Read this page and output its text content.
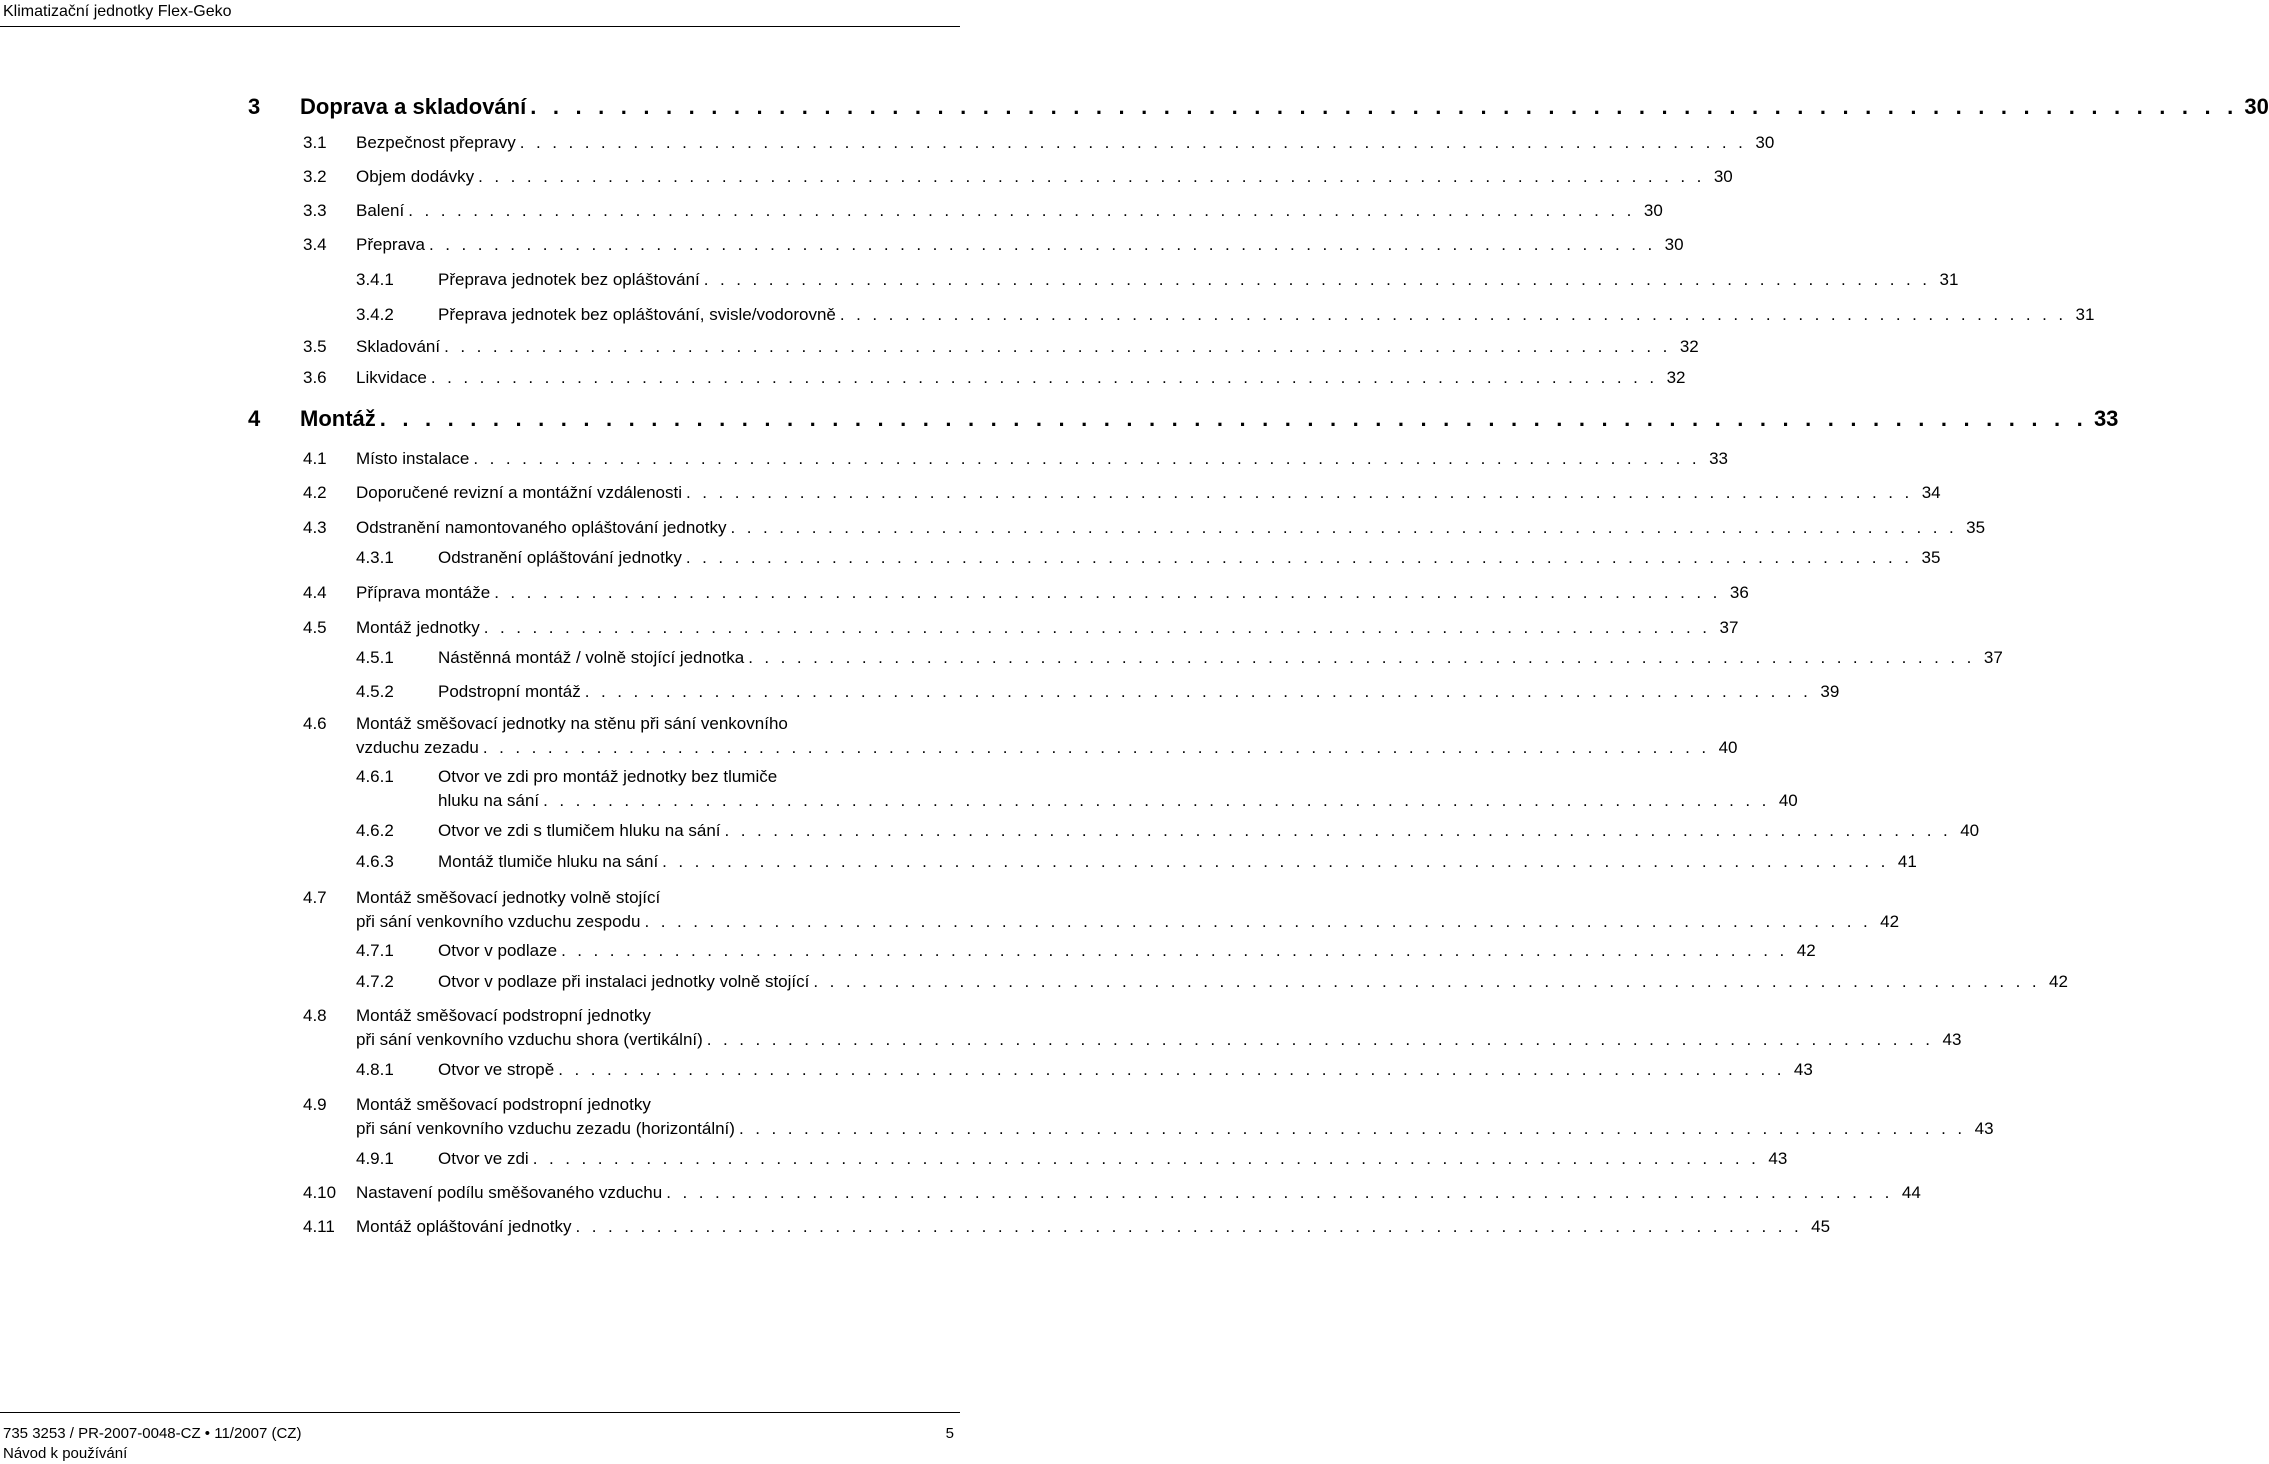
Klimatizační jednotky Flex-Geko
3 Doprava a skladování . . . . . . . . . . . . . . . . . . . . . . . . . . . . . . . . . . . . . . . . . . . . . . . . . . . . . . . . . . . . . . . . . . . . . . . . . . . . 30
3.1 Bezpečnost přepravy . . . . . . . . . . . . . . . . . . . . . . . . . . . . . . . . . . . . . . . . . . . . . . . . . . . . . . . . . . . . . . . . . . . . . . . . . . . . 30
3.2 Objem dodávky . . . . . . . . . . . . . . . . . . . . . . . . . . . . . . . . . . . . . . . . . . . . . . . . . . . . . . . . . . . . . . . . . . . . . . . . . . . . 30
3.3 Balení . . . . . . . . . . . . . . . . . . . . . . . . . . . . . . . . . . . . . . . . . . . . . . . . . . . . . . . . . . . . . . . . . . . . . . . . . . . . 30
3.4 Přeprava . . . . . . . . . . . . . . . . . . . . . . . . . . . . . . . . . . . . . . . . . . . . . . . . . . . . . . . . . . . . . . . . . . . . . . . . . . . . 30
3.4.1	Přeprava jednotek bez opláštování . . . . . . . . . . . . . . . . . . . . . . . . . . . . . . . . . . . . . . . . . . . . . . . . . . . . . . . . . . . . . . . . . . . . . . . . . . . . 31
3.4.2	Přeprava jednotek bez opláštování, svisle/vodorovně . . . . . . . . . . . . . . . . . . . . . . . . . . . . . . . . . . . . . . . . . . . . . . . . . . . . . . . . . . . . . . . . . . . . . . . . . . . . 31
3.5 Skladování . . . . . . . . . . . . . . . . . . . . . . . . . . . . . . . . . . . . . . . . . . . . . . . . . . . . . . . . . . . . . . . . . . . . . . . . . . . . 32
3.6 Likvidace . . . . . . . . . . . . . . . . . . . . . . . . . . . . . . . . . . . . . . . . . . . . . . . . . . . . . . . . . . . . . . . . . . . . . . . . . . . . 32
4 Montáž . . . . . . . . . . . . . . . . . . . . . . . . . . . . . . . . . . . . . . . . . . . . . . . . . . . . . . . . . . . . . . . . . . . . . . . . . . . . 33
4.1 Místo instalace . . . . . . . . . . . . . . . . . . . . . . . . . . . . . . . . . . . . . . . . . . . . . . . . . . . . . . . . . . . . . . . . . . . . . . . . . . . . 33
4.2 Doporučené revizní a montážní vzdálenosti . . . . . . . . . . . . . . . . . . . . . . . . . . . . . . . . . . . . . . . . . . . . . . . . . . . . . . . . . . . . . . . . . . . . . . . . . . . . 34
4.3 Odstranění namontovaného opláštování jednotky . . . . . . . . . . . . . . . . . . . . . . . . . . . . . . . . . . . . . . . . . . . . . . . . . . . . . . . . . . . . . . . . . . . . . . . . . . . . 35
4.3.1	Odstranění opláštování jednotky . . . . . . . . . . . . . . . . . . . . . . . . . . . . . . . . . . . . . . . . . . . . . . . . . . . . . . . . . . . . . . . . . . . . . . . . . . . . 35
4.4 Příprava montáže . . . . . . . . . . . . . . . . . . . . . . . . . . . . . . . . . . . . . . . . . . . . . . . . . . . . . . . . . . . . . . . . . . . . . . . . . . . . 36
4.5 Montáž jednotky . . . . . . . . . . . . . . . . . . . . . . . . . . . . . . . . . . . . . . . . . . . . . . . . . . . . . . . . . . . . . . . . . . . . . . . . . . . . 37
4.5.1	Nástěnná montáž / volně stojící jednotka . . . . . . . . . . . . . . . . . . . . . . . . . . . . . . . . . . . . . . . . . . . . . . . . . . . . . . . . . . . . . . . . . . . . . . . . . . . . 37
4.5.2	Podstropní montáž . . . . . . . . . . . . . . . . . . . . . . . . . . . . . . . . . . . . . . . . . . . . . . . . . . . . . . . . . . . . . . . . . . . . . . . . . . . . 39
4.6 Montáž směšovací jednotky na stěnu při sání venkovního
vzduchu zezadu . . . . . . . . . . . . . . . . . . . . . . . . . . . . . . . . . . . . . . . . . . . . . . . . . . . . . . . . . . . . . . . . . . . . . . . . . . . . 40
4.6.1	Otvor ve zdi pro montáž jednotky bez tlumiče
hluku na sání . . . . . . . . . . . . . . . . . . . . . . . . . . . . . . . . . . . . . . . . . . . . . . . . . . . . . . . . . . . . . . . . . . . . . . . . . . . . 40
4.6.2	Otvor ve zdi s tlumičem hluku na sání . . . . . . . . . . . . . . . . . . . . . . . . . . . . . . . . . . . . . . . . . . . . . . . . . . . . . . . . . . . . . . . . . . . . . . . . . . . . 40
4.6.3	Montáž tlumiče hluku na sání . . . . . . . . . . . . . . . . . . . . . . . . . . . . . . . . . . . . . . . . . . . . . . . . . . . . . . . . . . . . . . . . . . . . . . . . . . . . 41
4.7 Montáž směšovací jednotky volně stojící
při sání venkovního vzduchu zespodu . . . . . . . . . . . . . . . . . . . . . . . . . . . . . . . . . . . . . . . . . . . . . . . . . . . . . . . . . . . . . . . . . . . . . . . . . . . . 42
4.7.1	Otvor v podlaze . . . . . . . . . . . . . . . . . . . . . . . . . . . . . . . . . . . . . . . . . . . . . . . . . . . . . . . . . . . . . . . . . . . . . . . . . . . . 42
4.7.2	Otvor v podlaze při instalaci jednotky volně stojící . . . . . . . . . . . . . . . . . . . . . . . . . . . . . . . . . . . . . . . . . . . . . . . . . . . . . . . . . . . . . . . . . . . . . . . . . . . . 42
4.8 Montáž směšovací podstropní jednotky
při sání venkovního vzduchu shora (vertikální) . . . . . . . . . . . . . . . . . . . . . . . . . . . . . . . . . . . . . . . . . . . . . . . . . . . . . . . . . . . . . . . . . . . . . . . . . . . . 43
4.8.1	Otvor ve stropě . . . . . . . . . . . . . . . . . . . . . . . . . . . . . . . . . . . . . . . . . . . . . . . . . . . . . . . . . . . . . . . . . . . . . . . . . . . . 43
4.9 Montáž směšovací podstropní jednotky
při sání venkovního vzduchu zezadu (horizontální) . . . . . . . . . . . . . . . . . . . . . . . . . . . . . . . . . . . . . . . . . . . . . . . . . . . . . . . . . . . . . . . . . . . . . . . . . . . . 43
4.9.1	Otvor ve zdi . . . . . . . . . . . . . . . . . . . . . . . . . . . . . . . . . . . . . . . . . . . . . . . . . . . . . . . . . . . . . . . . . . . . . . . . . . . . 43
4.10 Nastavení podílu směšovaného vzduchu . . . . . . . . . . . . . . . . . . . . . . . . . . . . . . . . . . . . . . . . . . . . . . . . . . . . . . . . . . . . . . . . . . . . . . . . . . . . 44
4.11 Montáž opláštování jednotky . . . . . . . . . . . . . . . . . . . . . . . . . . . . . . . . . . . . . . . . . . . . . . . . . . . . . . . . . . . . . . . . . . . . . . . . . . . . 45
735 3253 / PR-2007-0048-CZ • 11/2007 (CZ)
Návod k používání
5
